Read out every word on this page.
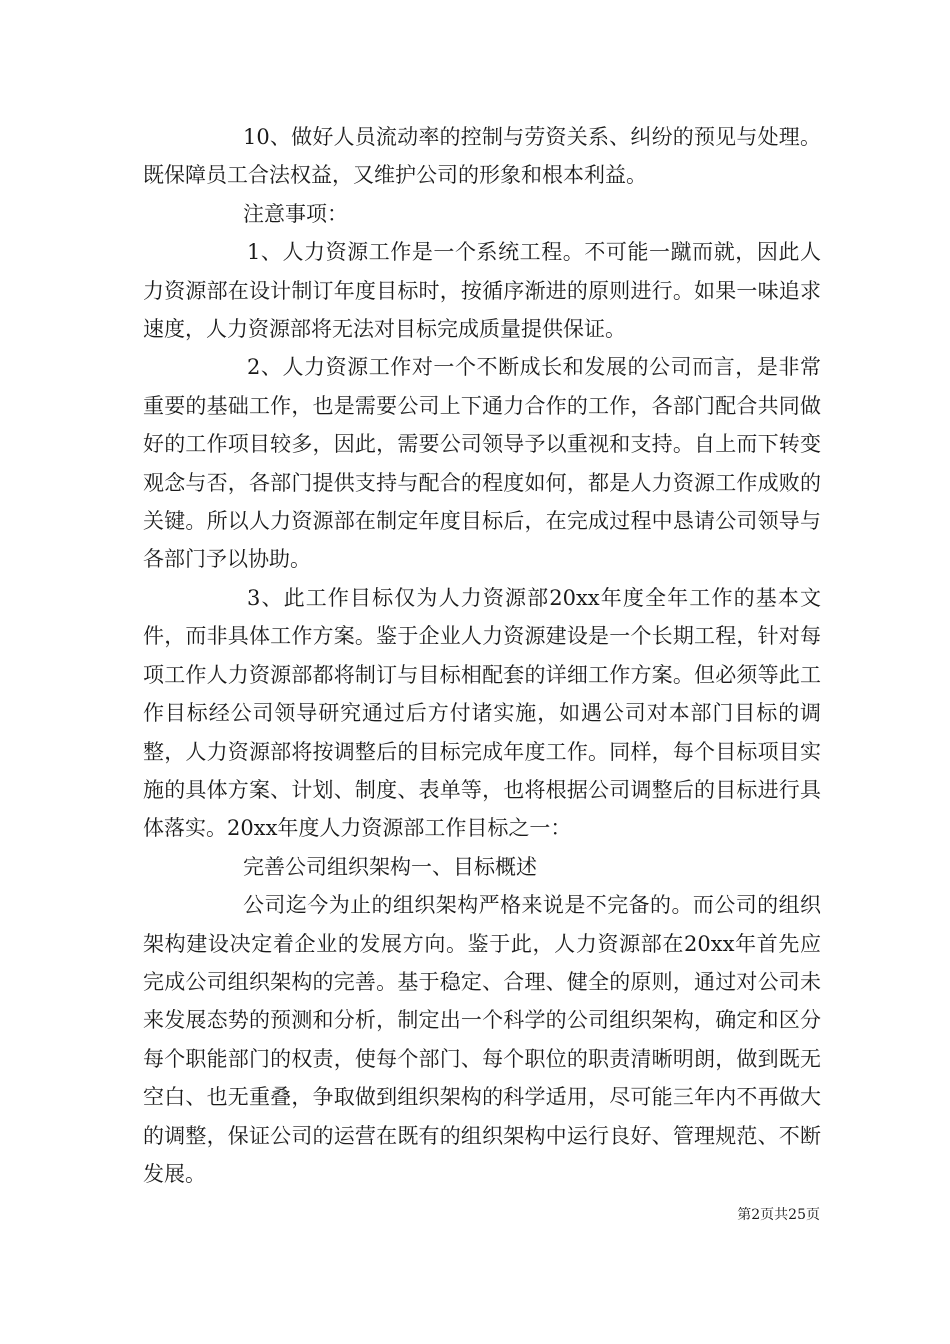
10、做好人员流动率的控制与劳资关系、纠纷的预见与处理。既保障员工合法权益，又维护公司的形象和根本利益。

注意事项：

1、人力资源工作是一个系统工程。不可能一蹴而就，因此人力资源部在设计制订年度目标时，按循序渐进的原则进行。如果一味追求速度，人力资源部将无法对目标完成质量提供保证。

2、人力资源工作对一个不断成长和发展的公司而言，是非常重要的基础工作，也是需要公司上下通力合作的工作，各部门配合共同做好的工作项目较多，因此，需要公司领导予以重视和支持。自上而下转变观念与否，各部门提供支持与配合的程度如何，都是人力资源工作成败的关键。所以人力资源部在制定年度目标后，在完成过程中恳请公司领导与各部门予以协助。

3、此工作目标仅为人力资源部20xx年度全年工作的基本文件，而非具体工作方案。鉴于企业人力资源建设是一个长期工程，针对每项工作人力资源部都将制订与目标相配套的详细工作方案。但必须等此工作目标经公司领导研究通过后方付诸实施，如遇公司对本部门目标的调整，人力资源部将按调整后的目标完成年度工作。同样，每个目标项目实施的具体方案、计划、制度、表单等，也将根据公司调整后的目标进行具体落实。20xx年度人力资源部工作目标之一：

完善公司组织架构一、目标概述

公司迄今为止的组织架构严格来说是不完备的。而公司的组织架构建设决定着企业的发展方向。鉴于此，人力资源部在20xx年首先应完成公司组织架构的完善。基于稳定、合理、健全的原则，通过对公司未来发展态势的预测和分析，制定出一个科学的公司组织架构，确定和区分每个职能部门的权责，使每个部门、每个职位的职责清晰明朗，做到既无空白、也无重叠，争取做到组织架构的科学适用，尽可能三年内不再做大的调整，保证公司的运营在既有的组织架构中运行良好、管理规范、不断发展。

第2页共25页
